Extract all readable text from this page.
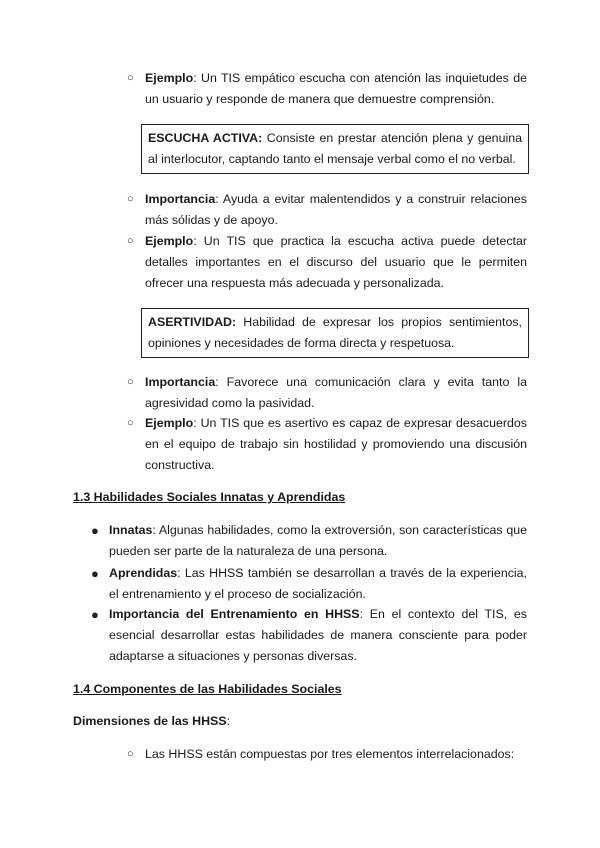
○ Ejemplo: Un TIS empático escucha con atención las inquietudes de un usuario y responde de manera que demuestre comprensión.
ESCUCHA ACTIVA: Consiste en prestar atención plena y genuina al interlocutor, captando tanto el mensaje verbal como el no verbal.
○ Importancia: Ayuda a evitar malentendidos y a construir relaciones más sólidas y de apoyo.
○ Ejemplo: Un TIS que practica la escucha activa puede detectar detalles importantes en el discurso del usuario que le permiten ofrecer una respuesta más adecuada y personalizada.
ASERTIVIDAD: Habilidad de expresar los propios sentimientos, opiniones y necesidades de forma directa y respetuosa.
○ Importancia: Favorece una comunicación clara y evita tanto la agresividad como la pasividad.
○ Ejemplo: Un TIS que es asertivo es capaz de expresar desacuerdos en el equipo de trabajo sin hostilidad y promoviendo una discusión constructiva.
1.3 Habilidades Sociales Innatas y Aprendidas
● Innatas: Algunas habilidades, como la extroversión, son características que pueden ser parte de la naturaleza de una persona.
● Aprendidas: Las HHSS también se desarrollan a través de la experiencia, el entrenamiento y el proceso de socialización.
● Importancia del Entrenamiento en HHSS: En el contexto del TIS, es esencial desarrollar estas habilidades de manera consciente para poder adaptarse a situaciones y personas diversas.
1.4 Componentes de las Habilidades Sociales
Dimensiones de las HHSS:
○ Las HHSS están compuestas por tres elementos interrelacionados:
